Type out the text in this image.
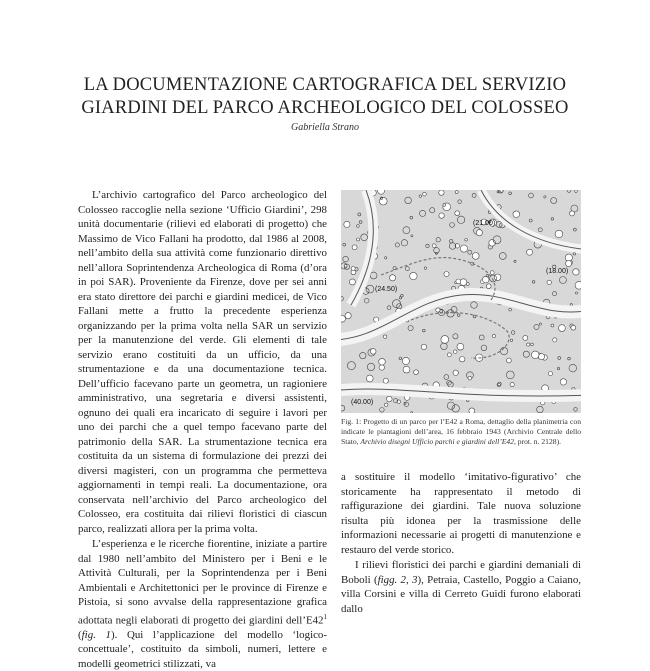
LA DOCUMENTAZIONE CARTOGRAFICA DEL SERVIZIO
GIARDINI DEL PARCO ARCHEOLOGICO DEL COLOSSEO
Gabriella Strano

L’archivio cartografico del Parco archeologico del Colosseo raccoglie nella sezione ‘Ufficio Giardini’, 298 unità documentarie (rilievi ed elaborati di progetto) che Massimo de Vico Fallani ha prodotto, dal 1986 al 2008, nell’ambito della sua attività come funzionario direttivo nell’allora Soprintendenza Archeologica di Roma (d’ora in poi SAR). Proveniente da Firenze, dove per sei anni era stato direttore dei parchi e giardini medicei, de Vico Fallani mette a frutto la precedente esperienza organizzando per la prima volta nella SAR un servizio per la manutenzione del verde. Gli elementi di tale servizio erano costituiti da un ufficio, da una strumentazione e da una documentazione tecnica. Dell’ufficio facevano parte un geometra, un ragioniere amministrativo, una segretaria e diversi assistenti, ognuno dei quali era incaricato di seguire i lavori per uno dei parchi che a quel tempo facevano parte del patrimonio della SAR. La strumentazione tecnica era costituita da un sistema di formulazione dei prezzi dei diversi magisteri, con un programma che permetteva aggiornamenti in tempi reali. La documentazione, ora conservata nell’archivio del Parco archeologico del Colosseo, era costituita dai rilievi floristici di ciascun parco, realizzati allora per la prima volta.

L’esperienza e le ricerche fiorentine, iniziate a partire dal 1980 nell’ambito del Ministero per i Beni e le Attività Culturali, per la Soprintendenza per i Beni Ambientali e Architettonici per le province di Firenze e Pistoia, si sono avvalse della rappresentazione grafica adottata negli elaborati di progetto dei giardini $dell’E42^1$ (fig. 1). Qui l’applicazione del modello ‘logico-concettuale’, costituito da simboli, numeri, lettere e modelli geometrici stilizzati, va

(21.00)
(18.00)
(24.50)
(40.00)
Fig. 1: Progetto di un parco per l’E42 a Roma, dettaglio della planimetria con indicate le piantagioni dell’area, 16 febbraio 1943 (Archivio Centrale dello Stato, Archivio disegni Ufficio parchi e giardini dell’E42, prot. n. 2128).

a sostituire il modello ‘imitativo-figurativo’ che storicamente ha rappresentato il metodo di raffigurazione dei giardini. Tale nuova soluzione risulta più idonea per la trasmissione delle informazioni necessarie ai progetti di manutenzione e restauro del verde storico.

I rilievi floristici dei parchi e giardini demaniali di Boboli (figg. 2, 3), Petraia, Castello, Poggio a Caiano, villa Corsini e villa di Cerreto Guidi furono elaborati dallo
